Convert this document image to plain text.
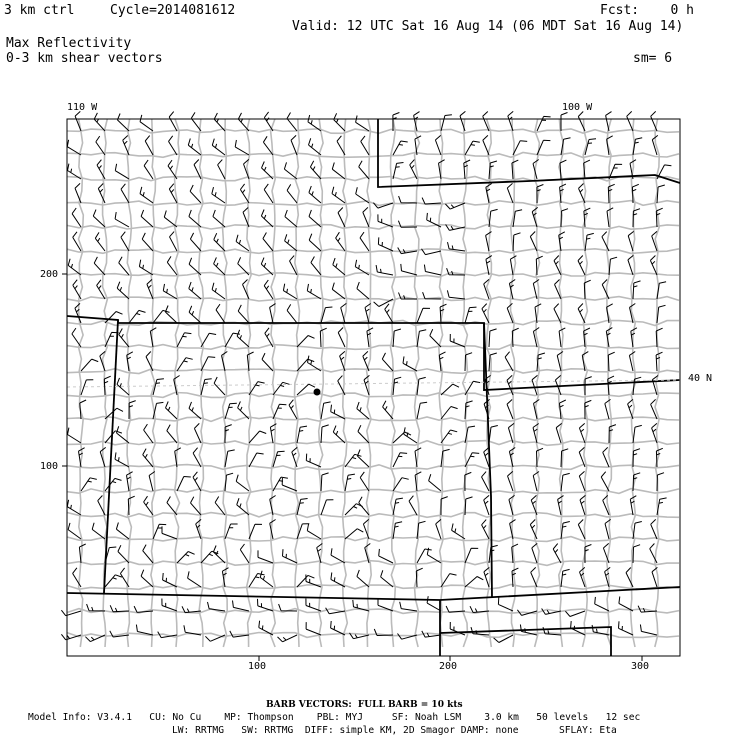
3 km ctrl	Cycle=2014081612	Fcst:    0 h
Valid: 12 UTC Sat 16 Aug 14 (06 MDT Sat 16 Aug 14)
Max Reflectivity
0-3 km shear vectors	sm= 6
110 W	100 W
40 N
200
100
100	200	300
BARB VECTORS:  FULL BARB = 10 kts
Model Info: V3.4.1   CU: No Cu    MP: Thompson    PBL: MYJ     SF: Noah LSM    3.0 km   50 levels   12 sec
LW: RRTMG   SW: RRTMG  DIFF: simple KM, 2D Smagor DAMP: none       SFLAY: Eta
